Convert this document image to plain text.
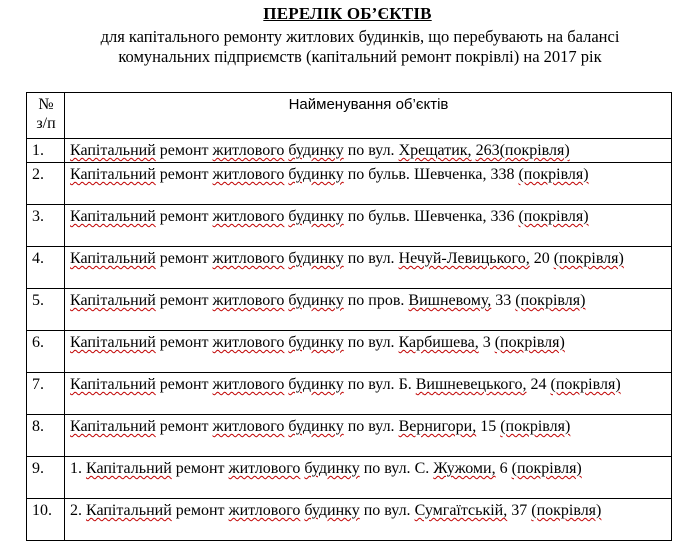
ПЕРЕЛІК ОБ’ЄКТІВ
для капітального ремонту житлових будинків, що перебувають на балансі
комунальних підприємств (капітальний ремонт покрівлі) на 2017 рік
№ з/п	Найменування об’єктів
1.	Капітальний ремонт житлового будинку по вул. Хрещатик, 263(покрівля)
2.	Капітальний ремонт житлового будинку по бульв. Шевченка, 338 (покрівля)
3.	Капітальний ремонт житлового будинку по бульв. Шевченка, 336 (покрівля)
4.	Капітальний ремонт житлового будинку по вул. Нечуй-Левицького, 20 (покрівля)
5.	Капітальний ремонт житлового будинку по пров. Вишневому, 33 (покрівля)
6.	Капітальний ремонт житлового будинку по вул. Карбишева, 3 (покрівля)
7.	Капітальний ремонт житлового будинку по вул. Б. Вишневецького, 24 (покрівля)
8.	Капітальний ремонт житлового будинку по вул. Вернигори, 15 (покрівля)
9.	1. Капітальний ремонт житлового будинку по вул. С. Жужоми, 6 (покрівля)
10.	2. Капітальний ремонт житлового будинку по вул. Сумгаїтській, 37 (покрівля)
